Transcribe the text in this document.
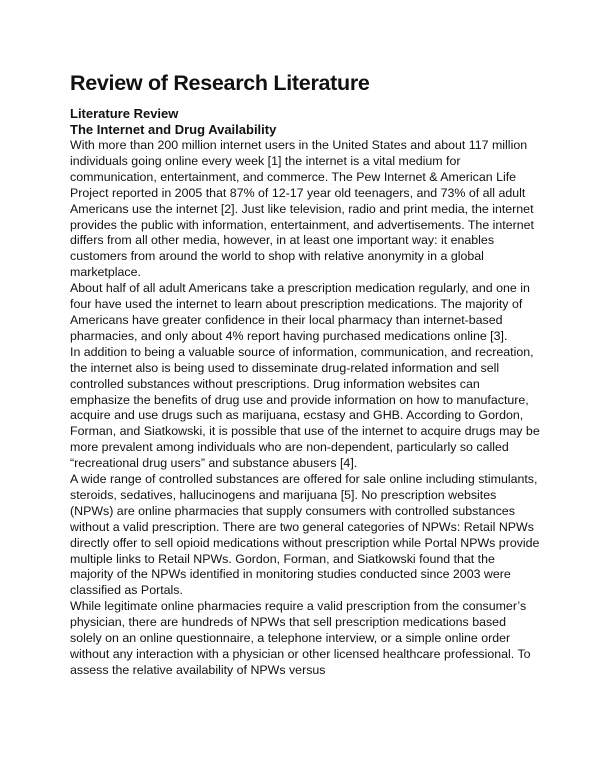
Review of Research Literature
Literature Review
The Internet and Drug Availability

With more than 200 million internet users in the United States and about 117 million individuals going online every week [1] the internet is a vital medium for communication, entertainment, and commerce. The Pew Internet & American Life Project reported in 2005 that 87% of 12-17 year old teenagers, and 73% of all adult Americans use the internet [2]. Just like television, radio and print media, the internet provides the public with information, entertainment, and advertisements. The internet differs from all other media, however, in at least one important way: it enables customers from around the world to shop with relative anonymity in a global marketplace.

About half of all adult Americans take a prescription medication regularly, and one in four have used the internet to learn about prescription medications. The majority of Americans have greater confidence in their local pharmacy than internet-based pharmacies, and only about 4% report having purchased medications online [3].

In addition to being a valuable source of information, communication, and recreation, the internet also is being used to disseminate drug-related information and sell controlled substances without prescriptions. Drug information websites can emphasize the benefits of drug use and provide information on how to manufacture, acquire and use drugs such as marijuana, ecstasy and GHB. According to Gordon, Forman, and Siatkowski, it is possible that use of the internet to acquire drugs may be more prevalent among individuals who are non-dependent, particularly so called “recreational drug users” and substance abusers [4].

A wide range of controlled substances are offered for sale online including stimulants, steroids, sedatives, hallucinogens and marijuana [5]. No prescription websites (NPWs) are online pharmacies that supply consumers with controlled substances without a valid prescription. There are two general categories of NPWs: Retail NPWs directly offer to sell opioid medications without prescription while Portal NPWs provide multiple links to Retail NPWs. Gordon, Forman, and Siatkowski found that the majority of the NPWs identified in monitoring studies conducted since 2003 were classified as Portals.

While legitimate online pharmacies require a valid prescription from the consumer’s physician, there are hundreds of NPWs that sell prescription medications based solely on an online questionnaire, a telephone interview, or a simple online order without any interaction with a physician or other licensed healthcare professional. To assess the relative availability of NPWs versus
